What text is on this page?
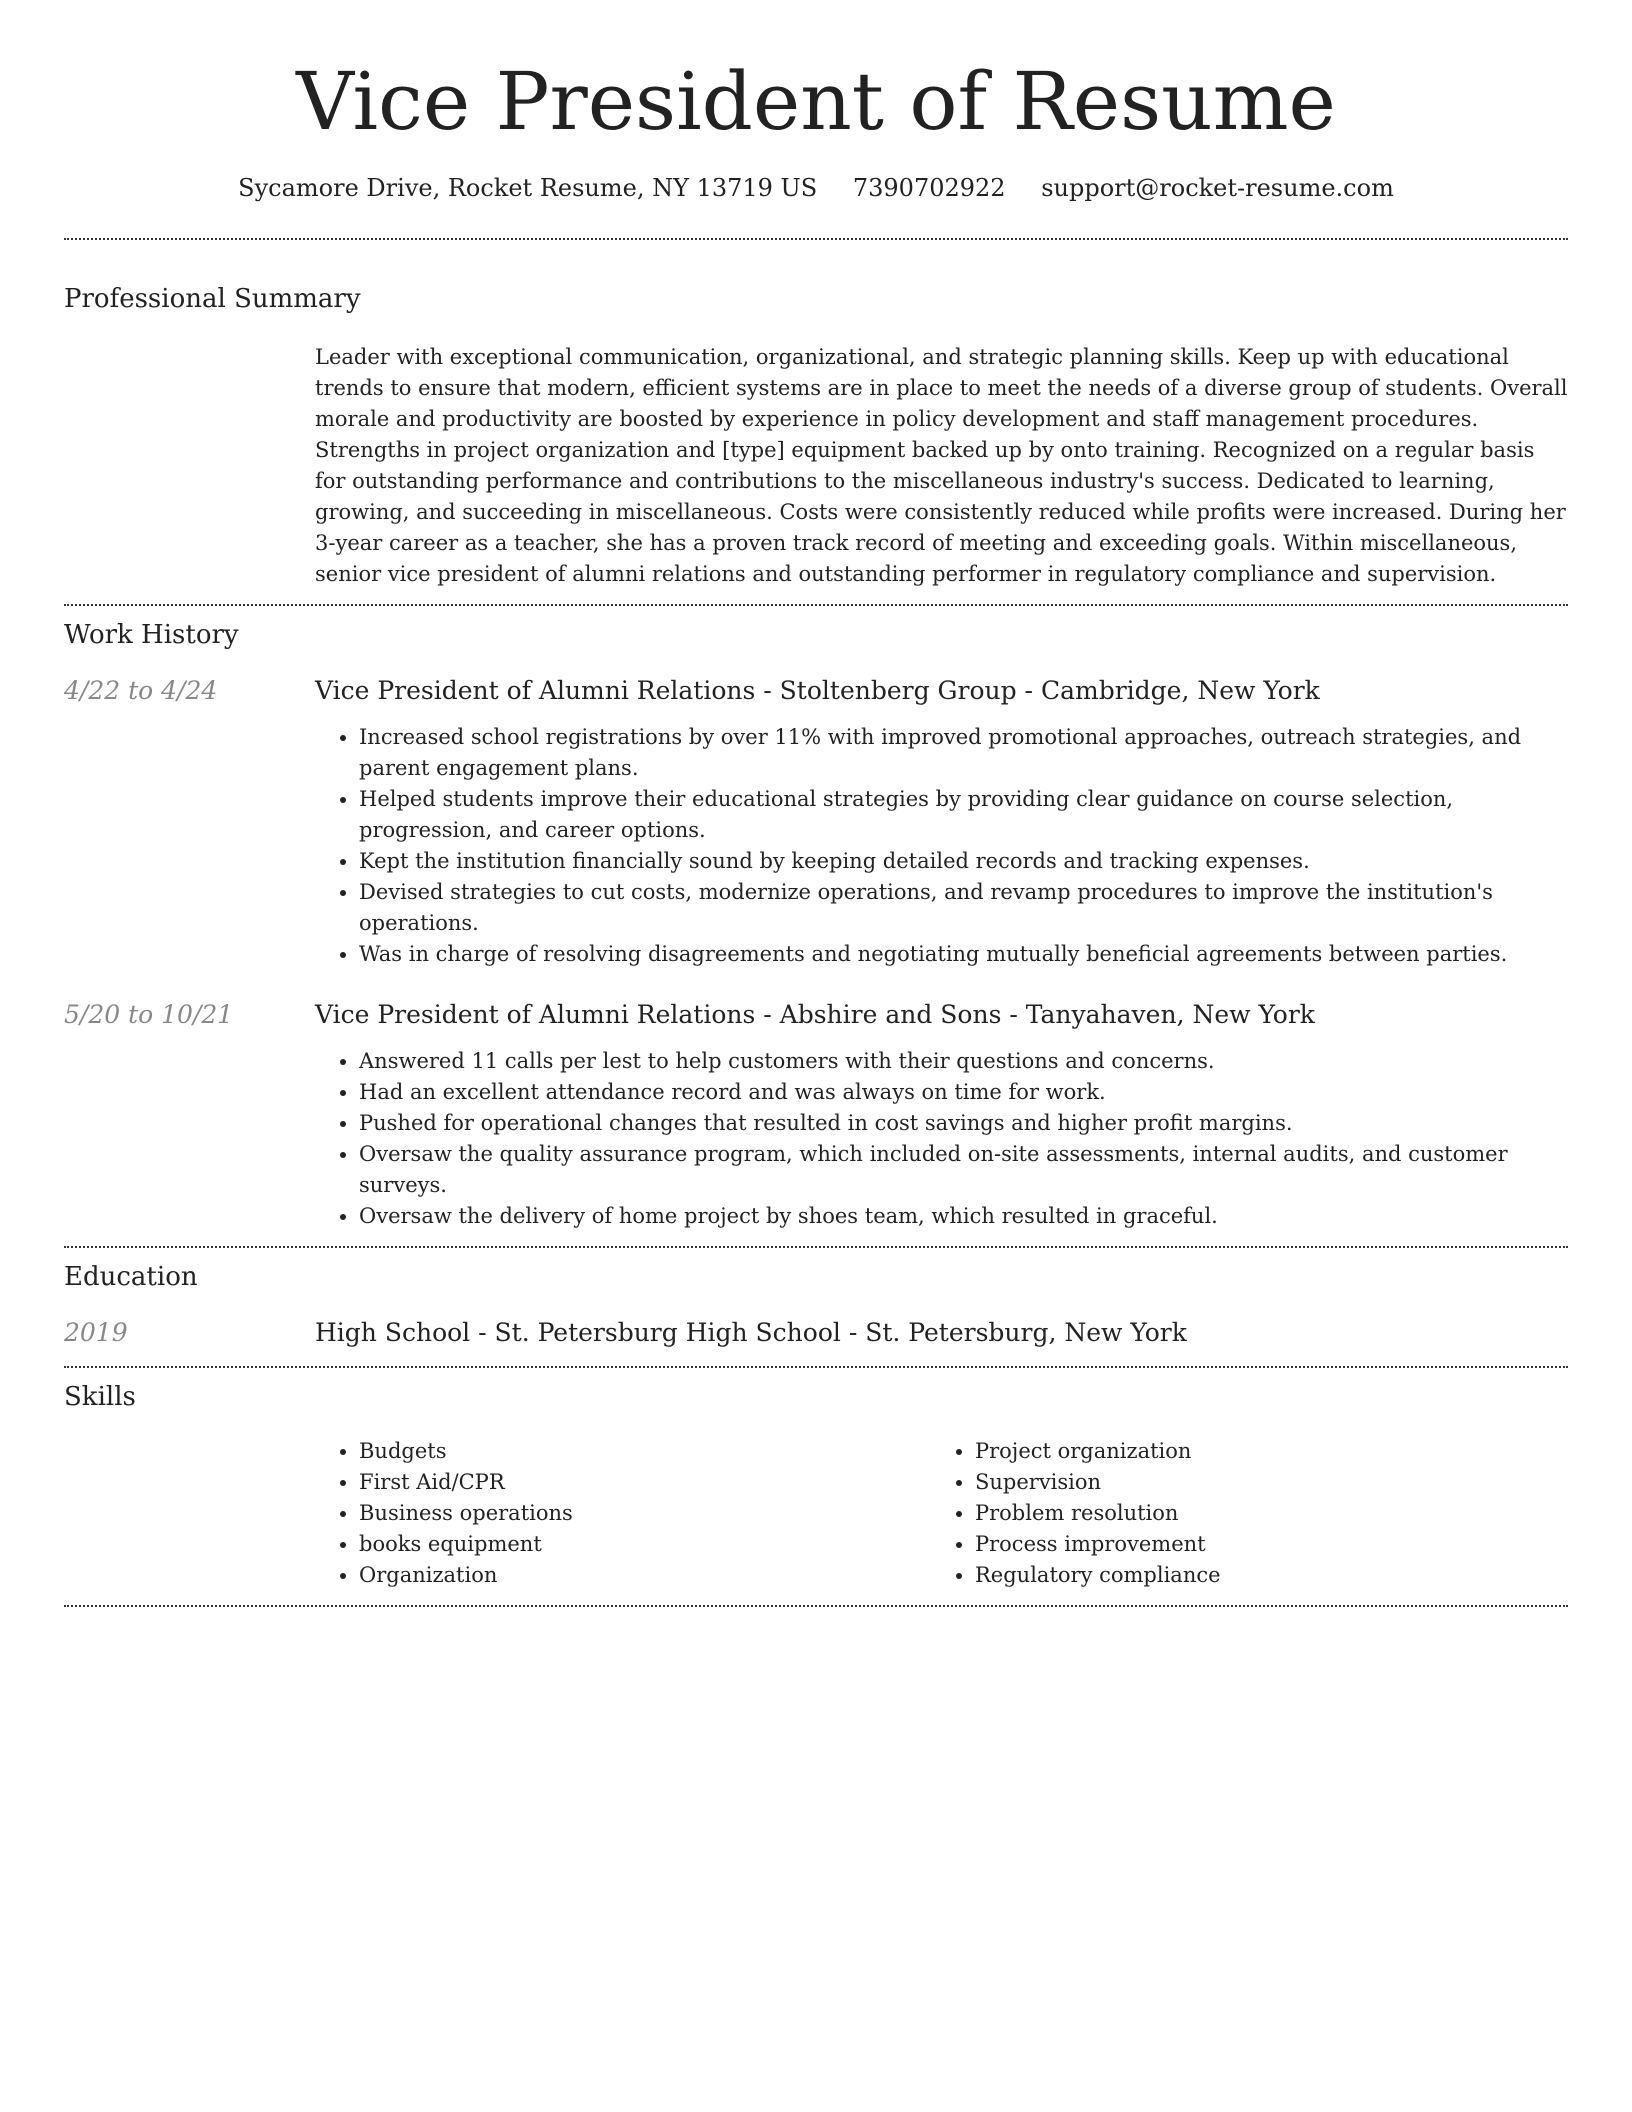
Vice President of Resume
Sycamore Drive, Rocket Resume, NY 13719 US 7390702922 support@rocket-resume.com
Professional Summary

Leader with exceptional communication, organizational, and strategic planning skills. Keep up with educational trends to ensure that modern, efficient systems are in place to meet the needs of a diverse group of students. Overall morale and productivity are boosted by experience in policy development and staff management procedures. Strengths in project organization and [type] equipment backed up by onto training. Recognized on a regular basis for outstanding performance and contributions to the miscellaneous industry's success. Dedicated to learning, growing, and succeeding in miscellaneous. Costs were consistently reduced while profits were increased. During her 3-year career as a teacher, she has a proven track record of meeting and exceeding goals. Within miscellaneous, senior vice president of alumni relations and outstanding performer in regulatory compliance and supervision.

Work History
4/22 to 4/24	Vice President of Alumni Relations - Stoltenberg Group - Cambridge, New York
• Increased school registrations by over 11% with improved promotional approaches, outreach strategies, and parent engagement plans.
• Helped students improve their educational strategies by providing clear guidance on course selection, progression, and career options.
• Kept the institution financially sound by keeping detailed records and tracking expenses.
• Devised strategies to cut costs, modernize operations, and revamp procedures to improve the institution's operations.
• Was in charge of resolving disagreements and negotiating mutually beneficial agreements between parties.
5/20 to 10/21	Vice President of Alumni Relations - Abshire and Sons - Tanyahaven, New York
• Answered 11 calls per lest to help customers with their questions and concerns.
• Had an excellent attendance record and was always on time for work.
• Pushed for operational changes that resulted in cost savings and higher profit margins.
• Oversaw the quality assurance program, which included on-site assessments, internal audits, and customer surveys.
• Oversaw the delivery of home project by shoes team, which resulted in graceful.
Education
2019	High School - St. Petersburg High School - St. Petersburg, New York
Skills
• Budgets
• First Aid/CPR
• Business operations
• books equipment
• Organization
• Project organization
• Supervision
• Problem resolution
• Process improvement
• Regulatory compliance
